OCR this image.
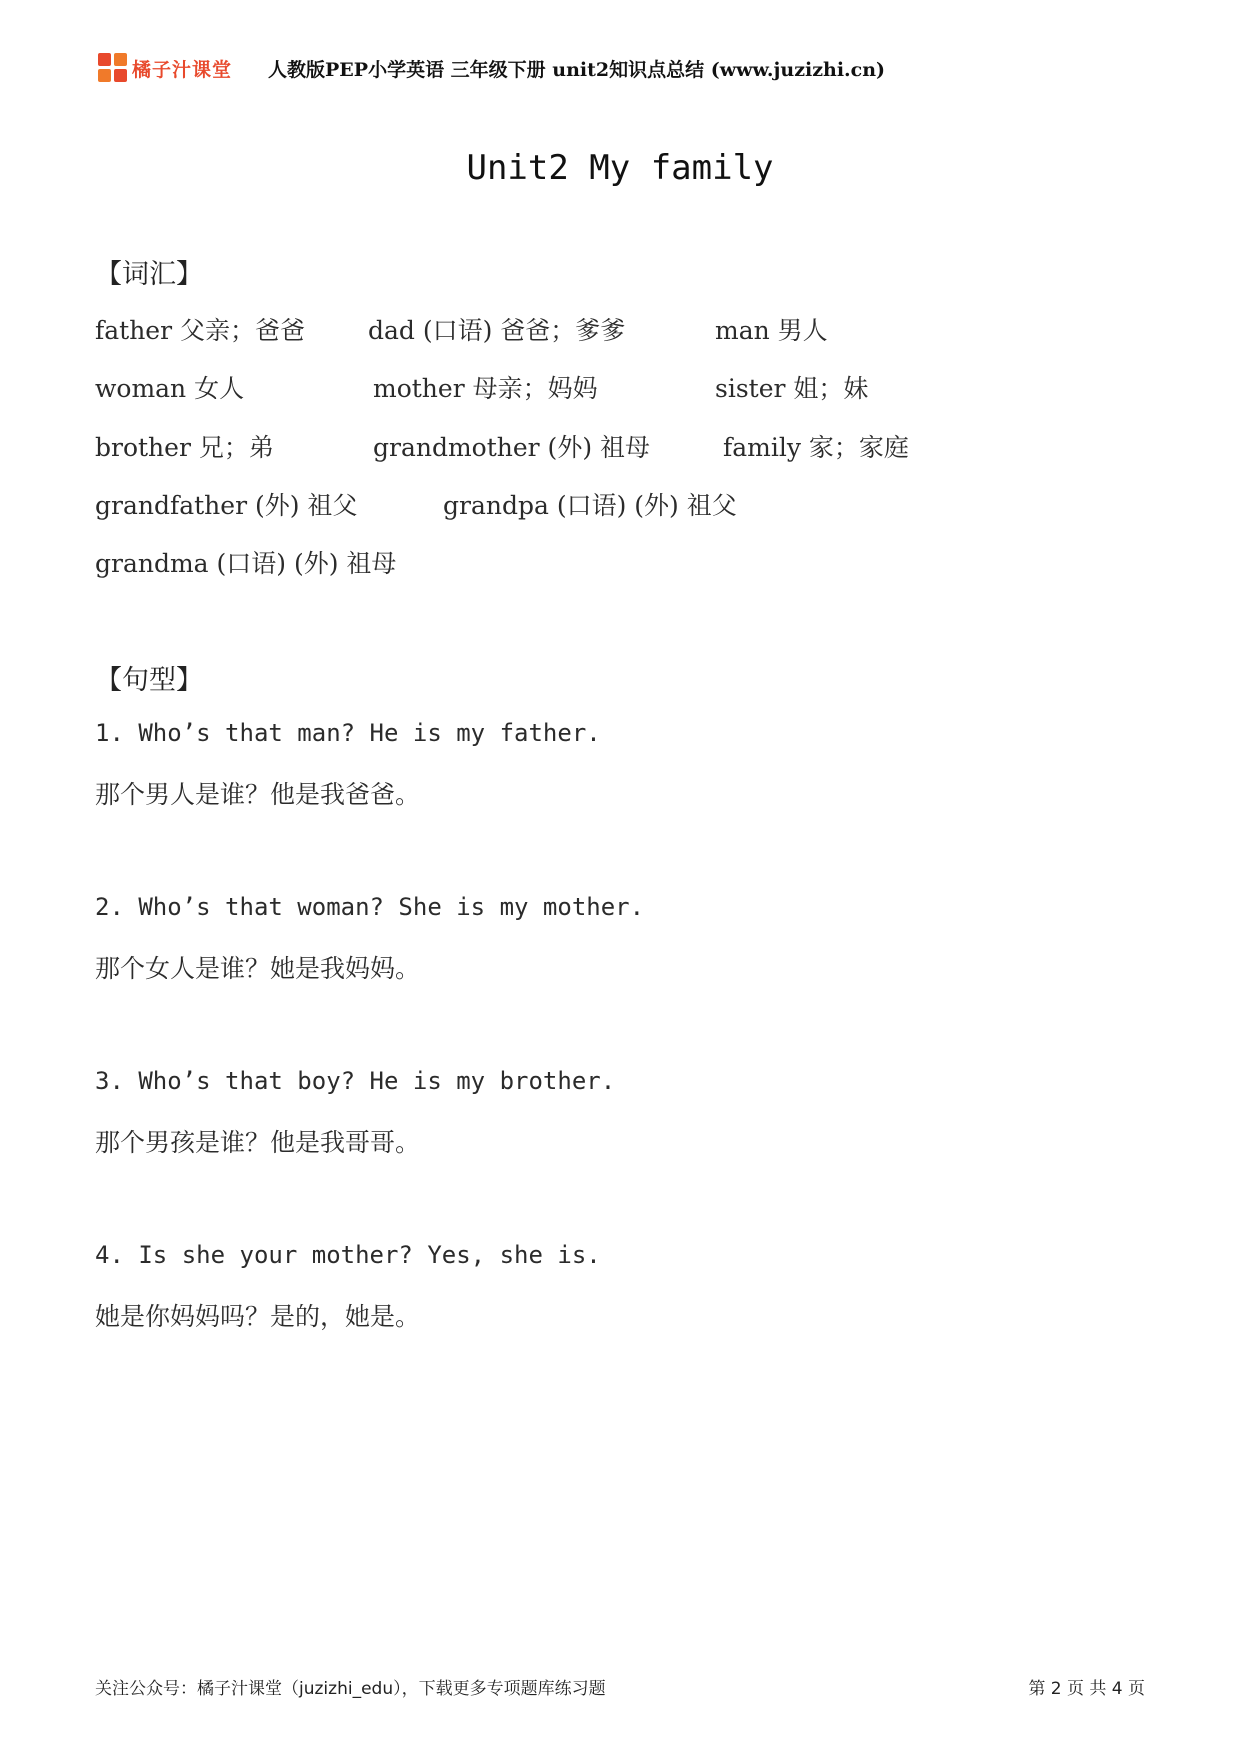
橘子汁课堂 人教版PEP小学英语 三年级下册 unit2知识点总结 (www.juzizhi.cn)
Unit2 My family
【词汇】
father 父亲；爸爸	dad (口语) 爸爸；爹爹	man 男人
woman 女人	mother 母亲；妈妈	sister 姐；妹
brother 兄；弟	grandmother (外) 祖母	family 家；家庭
grandfather (外) 祖父	grandpa (口语) (外) 祖父
grandma (口语) (外) 祖母
【句型】
1. Who’s that man? He is my father.
那个男人是谁？他是我爸爸。
2. Who’s that woman? She is my mother.
那个女人是谁？她是我妈妈。
3. Who’s that boy? He is my brother.
那个男孩是谁？他是我哥哥。
4. Is she your mother? Yes, she is.
她是你妈妈吗？是的，她是。
关注公众号：橘子汁课堂（juzizhi_edu），下载更多专项题库练习题	第 2 页 共 4 页
